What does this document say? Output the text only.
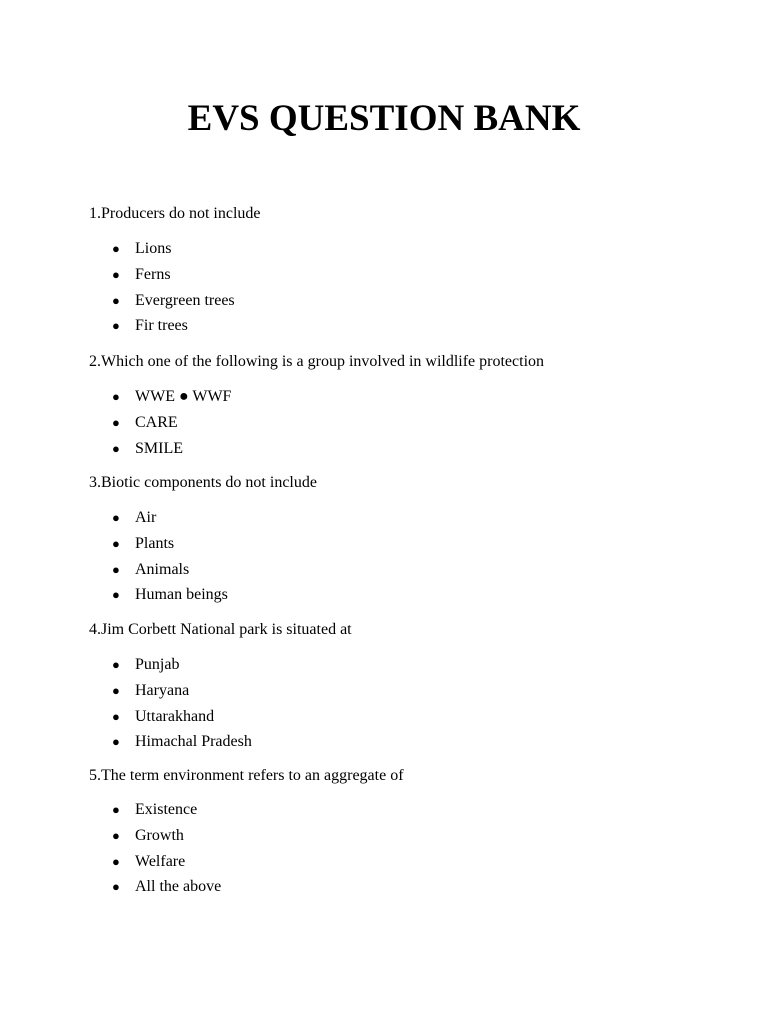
EVS QUESTION BANK

1.Producers do not include

● Lions
● Ferns
● Evergreen trees
● Fir trees

2.Which one of the following is a group involved in wildlife protection

● WWE ● WWF
● CARE
● SMILE

3.Biotic components do not include

● Air
● Plants
● Animals
● Human beings

4.Jim Corbett National park is situated at

● Punjab
● Haryana
● Uttarakhand
● Himachal Pradesh

5.The term environment refers to an aggregate of

● Existence
● Growth
● Welfare
● All the above
